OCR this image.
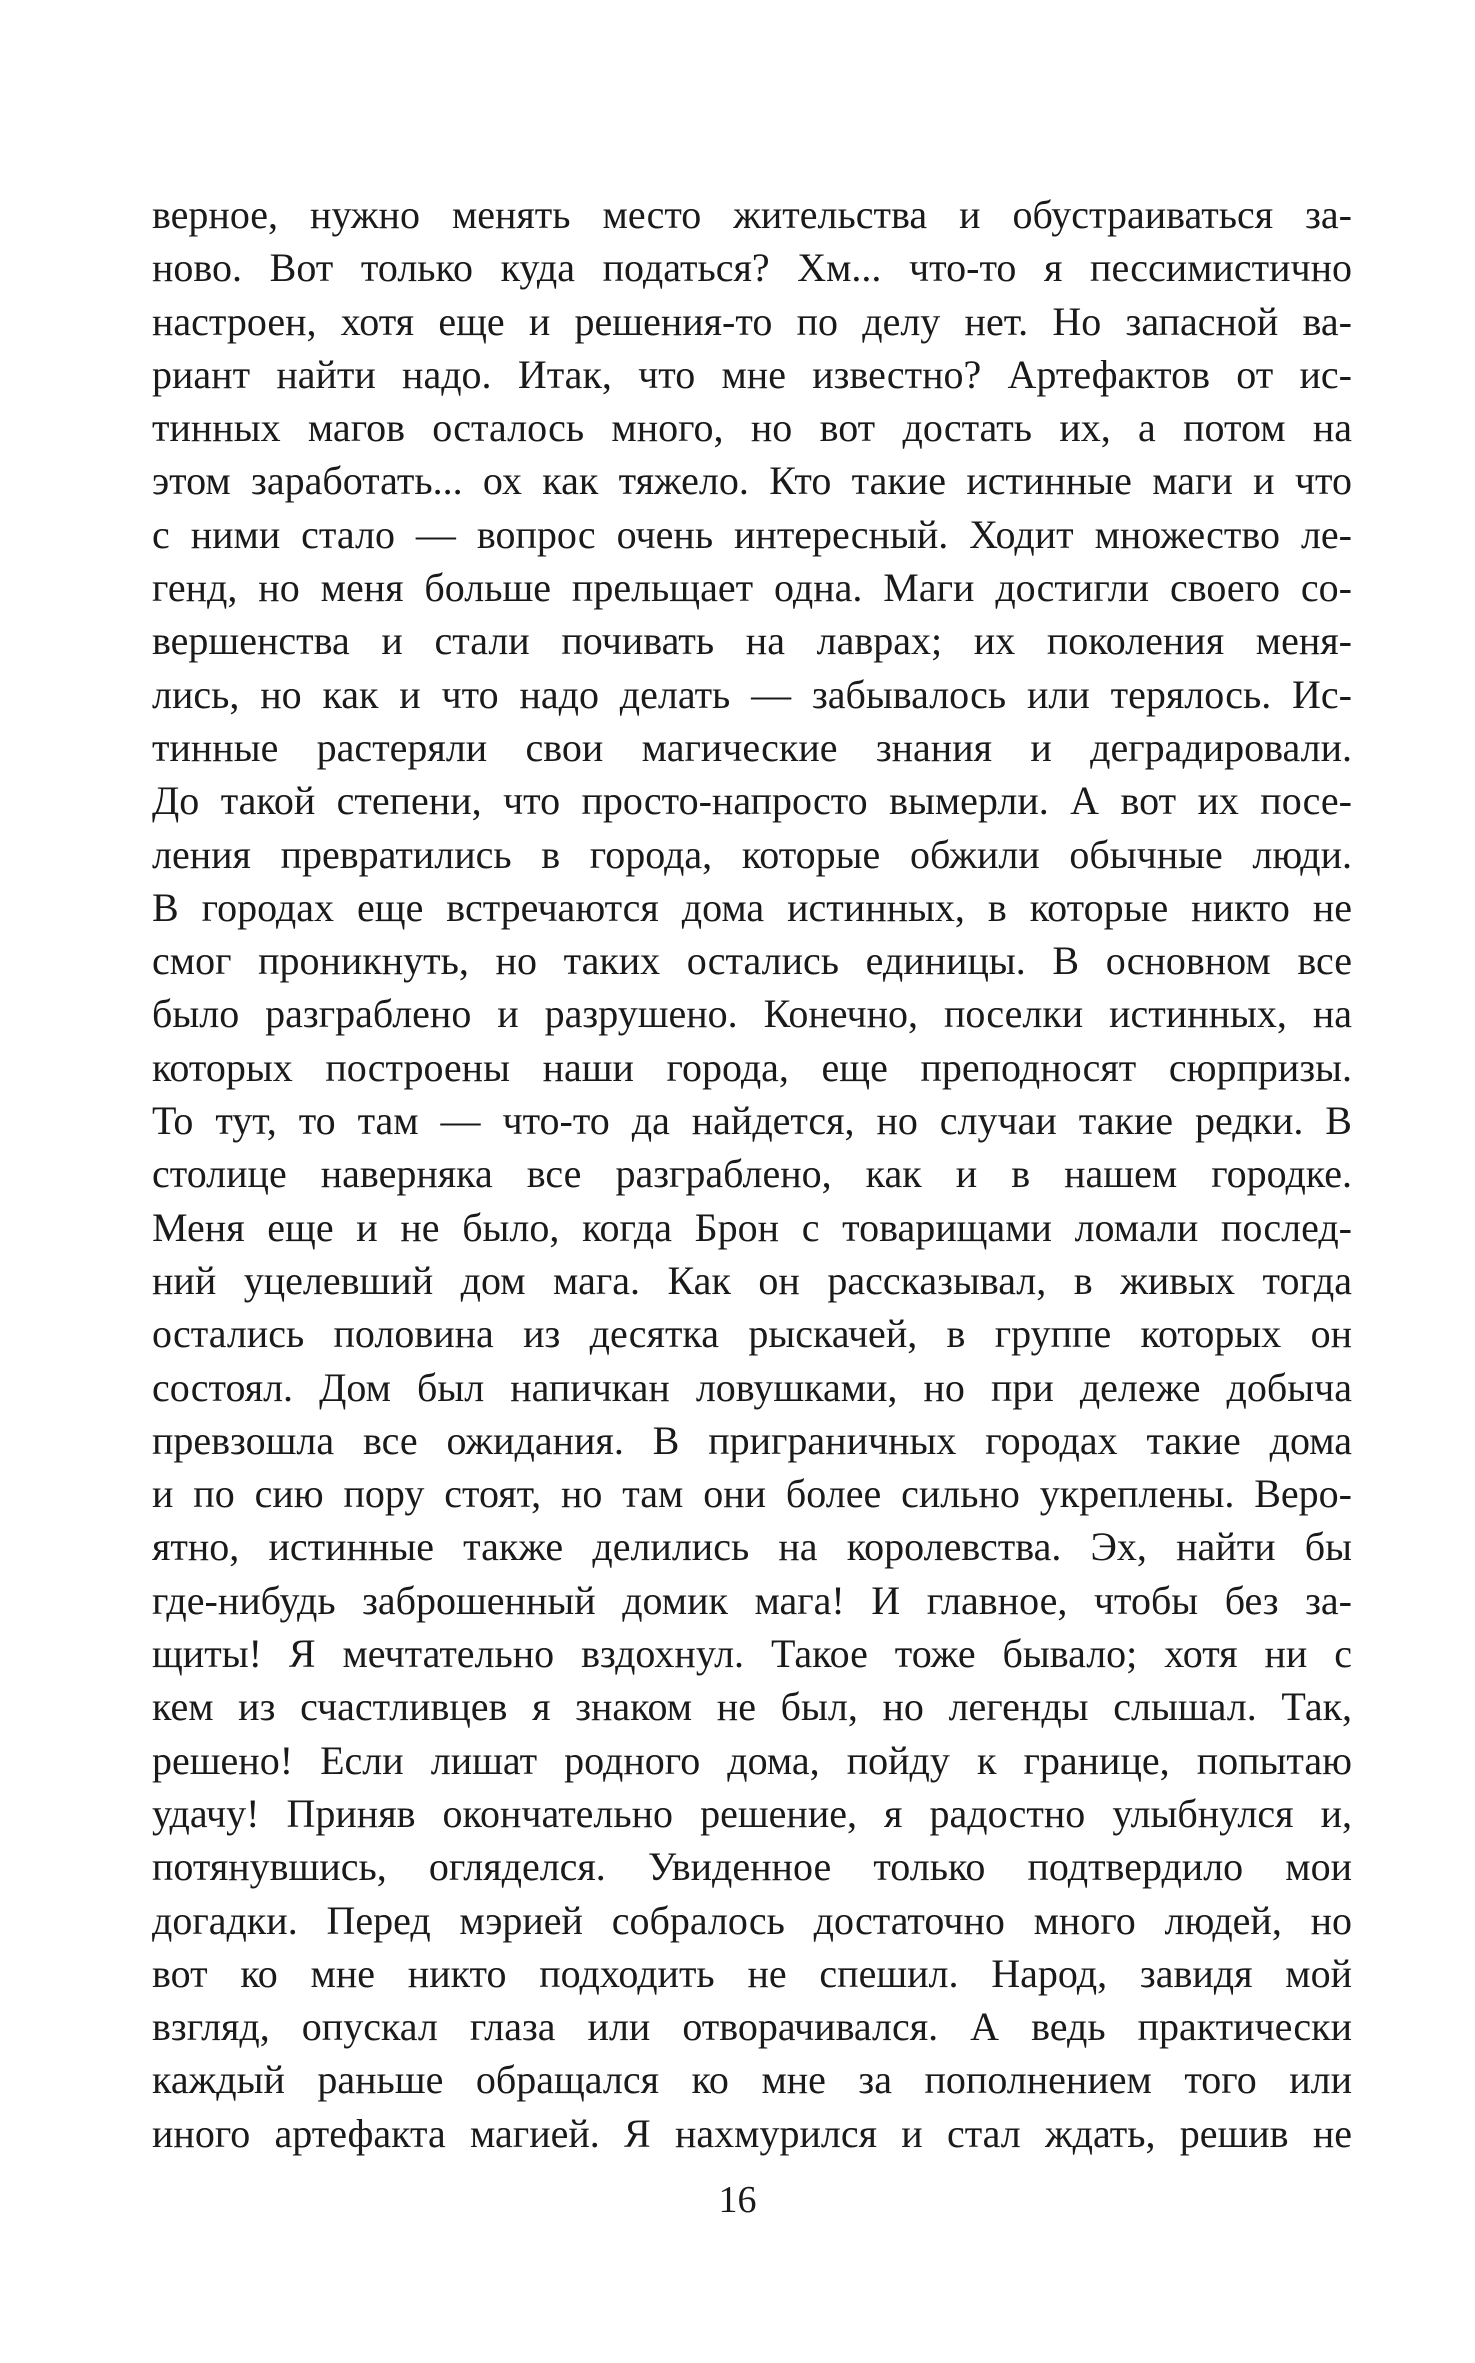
верное, нужно менять место жительства и обустраиваться за-
ново. Вот только куда податься? Хм... что-то я пессимистично
настроен, хотя еще и решения-то по делу нет. Но запасной ва-
риант найти надо. Итак, что мне известно? Артефактов от ис-
тинных магов осталось много, но вот достать их, а потом на
этом заработать... ох как тяжело. Кто такие истинные маги и что
с ними стало — вопрос очень интересный. Ходит множество ле-
генд, но меня больше прельщает одна. Маги достигли своего со-
вершенства и стали почивать на лаврах; их поколения меня-
лись, но как и что надо делать — забывалось или терялось. Ис-
тинные растеряли свои магические знания и деградировали.
До такой степени, что просто-напросто вымерли. А вот их посе-
ления превратились в города, которые обжили обычные люди.
В городах еще встречаются дома истинных, в которые никто не
смог проникнуть, но таких остались единицы. В основном все
было разграблено и разрушено. Конечно, поселки истинных, на
которых построены наши города, еще преподносят сюрпризы.
То тут, то там — что-то да найдется, но случаи такие редки. В
столице наверняка все разграблено, как и в нашем городке.
Меня еще и не было, когда Брон с товарищами ломали послед-
ний уцелевший дом мага. Как он рассказывал, в живых тогда
остались половина из десятка рыскачей, в группе которых он
состоял. Дом был напичкан ловушками, но при дележе добыча
превзошла все ожидания. В приграничных городах такие дома
и по сию пору стоят, но там они более сильно укреплены. Веро-
ятно, истинные также делились на королевства. Эх, найти бы
где-нибудь заброшенный домик мага! И главное, чтобы без за-
щиты! Я мечтательно вздохнул. Такое тоже бывало; хотя ни с
кем из счастливцев я знаком не был, но легенды слышал. Так,
решено! Если лишат родного дома, пойду к границе, попытаю
удачу! Приняв окончательно решение, я радостно улыбнулся и,
потянувшись, огляделся. Увиденное только подтвердило мои
догадки. Перед мэрией собралось достаточно много людей, но
вот ко мне никто подходить не спешил. Народ, завидя мой
взгляд, опускал глаза или отворачивался. А ведь практически
каждый раньше обращался ко мне за пополнением того или
иного артефакта магией. Я нахмурился и стал ждать, решив не
16
